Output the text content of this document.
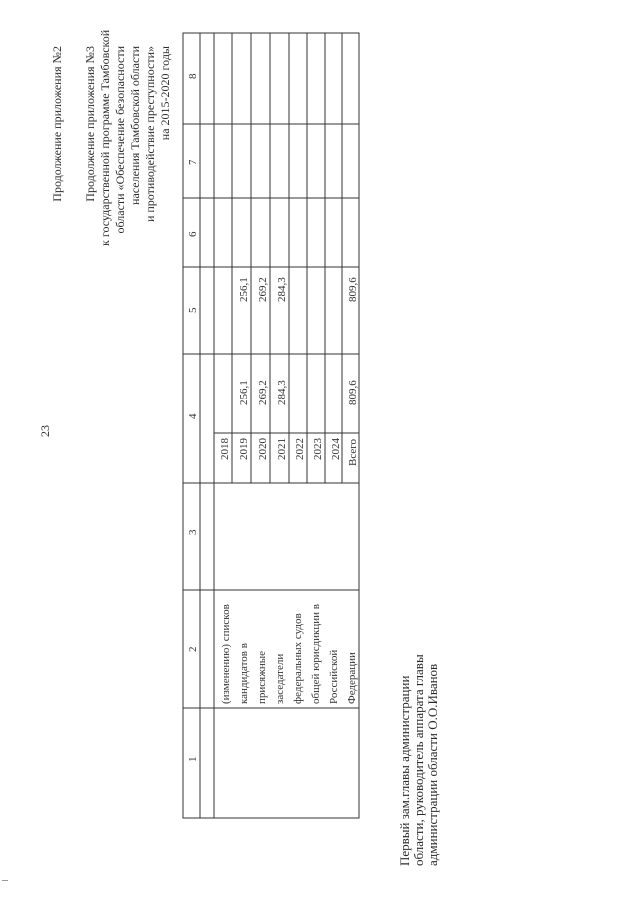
23
Продолжение приложения №2 Продолжение приложения №3 к государственной программе Тамбовской области «Обеспечение безопасности населения Тамбовской области и противодействие преступности» на 2015-2020 годы
1
2
3
4
5
6
7
8
(изменению) списков кандидатов в присяжные заседатели федеральных судов общей юрисдикции в Российской Федерации
2018 2019 2020 2021 2022 2023 2024 Всего
256,1 269,2 284,3	809,6
256,1 269,2 284,3	809,6
Первый зам.главы администрации области, руководитель аппарата главы администрации области О.О.Иванов
